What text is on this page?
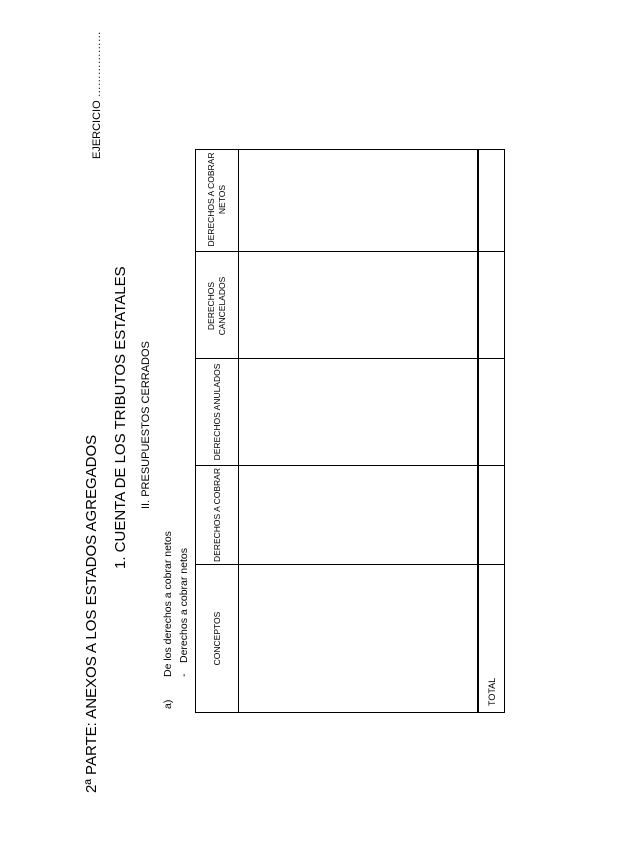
2ª PARTE: ANEXOS A LOS ESTADOS AGREGADOS
EJERCICIO ………………
1. CUENTA DE LOS TRIBUTOS ESTATALES II. PRESUPUESTOS CERRADOS
a)
De los derechos a cobrar netos -
Derechos a cobrar netos	CONCEPTOS
DERECHOS A COBRAR
DERECHOS ANULADOS
DERECHOS CANCELADOS
DERECHOS A COBRAR NETOS
TOTAL
